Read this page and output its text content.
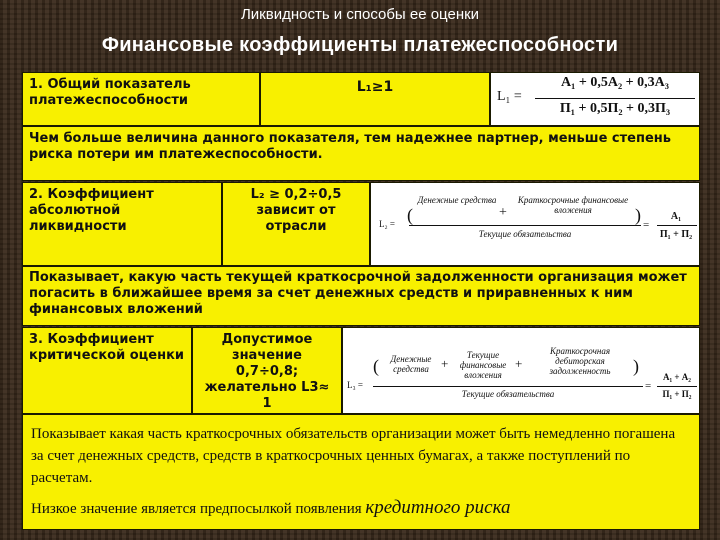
Ликвидность и способы ее оценки
Финансовые коэффициенты платежеспособности
1. Общий показатель платежеспособности
L₁≥1
L₁ =
А₁ + 0,5А₂ + 0,3А₃
П₁ + 0,5П₂ + 0,3П₃
Чем больше величина данного показателя, тем надежнее партнер, меньше степень риска потери им платежеспособности.
2. Коэффициент абсолютной ликвидности
L₂ ≥ 0,2÷0,5 зависит от отрасли	L₂ = (
Денежные средства
+
Краткосрочные финансовые вложения	)
Текущие обязательства
=
А₁
П₁ + П₂
Показывает, какую часть текущей краткосрочной задолженности организация может погасить в ближайшее время за счет денежных средств и приравненных к ним финансовых вложений
3. Коэффициент критической оценки
Допустимое значение 0,7÷0,8; желательно L3≈ 1
L₃ =
(	Денежные средства +
Текущие финансовые вложения
+
Краткосрочная дебиторская задолженность	)
Текущие обязательства
=
А₁ + А₂
П₁ + П₂
Показывает какая часть краткосрочных обязательств организации может быть немедленно погашена за счет денежных средств, средств в краткосрочных ценных бумагах, а также поступлений по расчетам.
Низкое значение является предпосылкой появления кредитного риска
